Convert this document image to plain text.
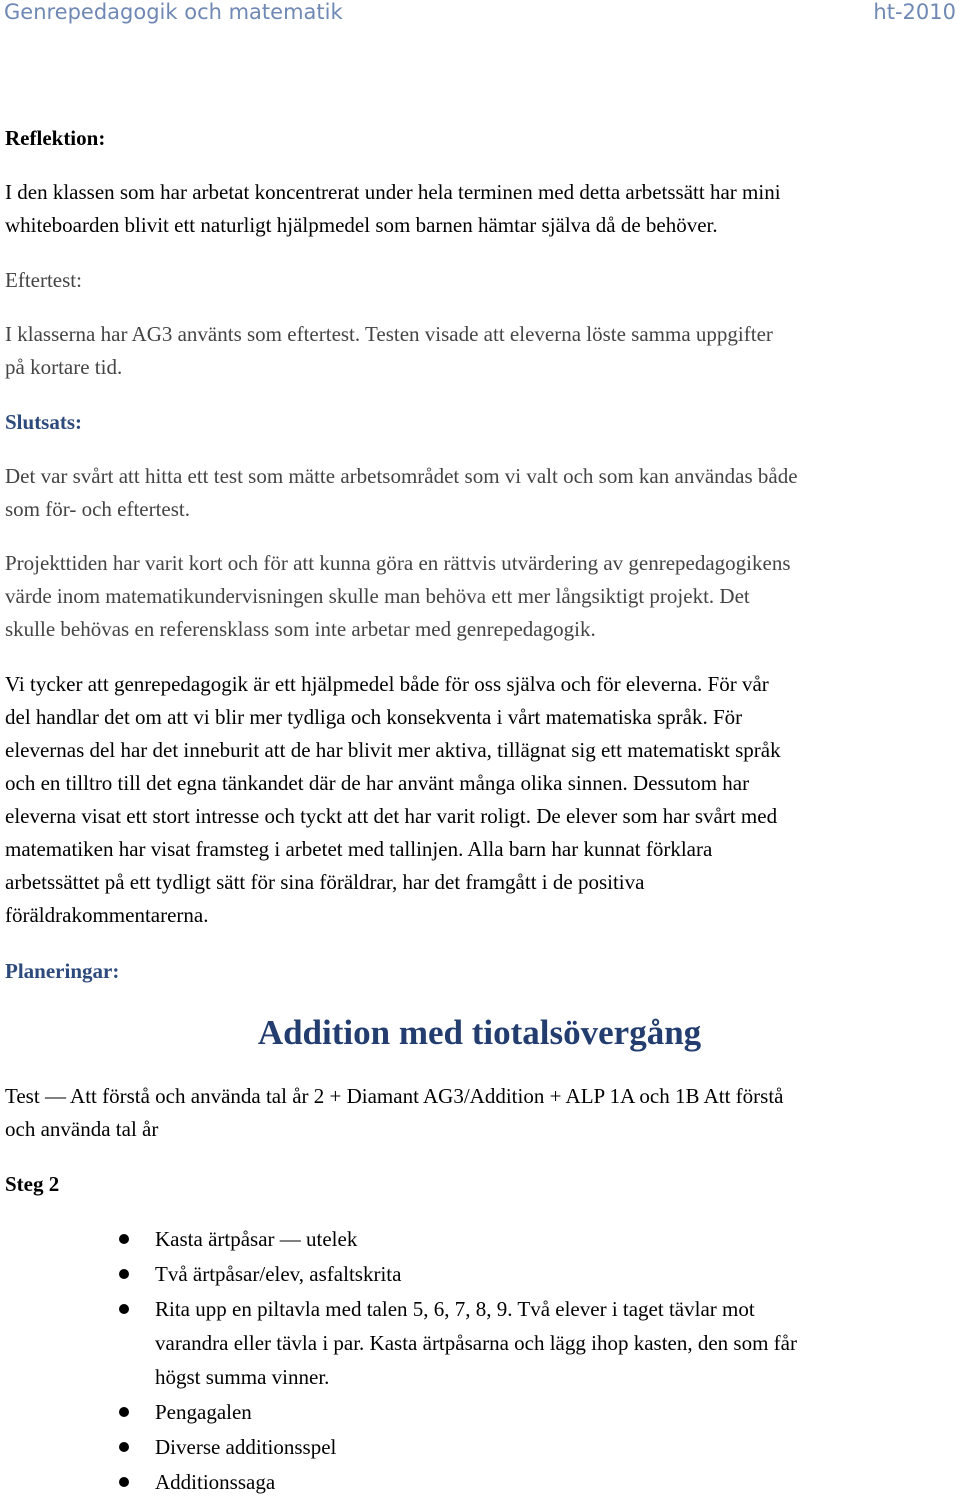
Genrepedagogik och matematik	ht-2010
Reflektion:
I den klassen som har arbetat koncentrerat under hela terminen med detta arbetssätt har mini
whiteboarden blivit ett naturligt hjälpmedel som barnen hämtar själva då de behöver.
Eftertest:
I klasserna har AG3 använts som eftertest. Testen visade att eleverna löste samma uppgifter
på kortare tid.
Slutsats:
Det var svårt att hitta ett test som mätte arbetsområdet som vi valt och som kan användas både
som för- och eftertest.
Projekttiden har varit kort och för att kunna göra en rättvis utvärdering av genrepedagogikens
värde inom matematikundervisningen skulle man behöva ett mer långsiktigt projekt. Det
skulle behövas en referensklass som inte arbetar med genrepedagogik.
Vi tycker att genrepedagogik är ett hjälpmedel både för oss själva och för eleverna. För vår
del handlar det om att vi blir mer tydliga och konsekventa i vårt matematiska språk. För
elevernas del har det inneburit att de har blivit mer aktiva, tillägnat sig ett matematiskt språk
och en tilltro till det egna tänkandet där de har använt många olika sinnen. Dessutom har
eleverna visat ett stort intresse och tyckt att det har varit roligt. De elever som har svårt med
matematiken har visat framsteg i arbetet med tallinjen. Alla barn har kunnat förklara
arbetssättet på ett tydligt sätt för sina föräldrar, har det framgått i de positiva
föräldrakommentarerna.
Planeringar:
Addition med tiotalsövergång
Test — Att förstå och använda tal år 2 + Diamant AG3/Addition + ALP 1A och 1B Att förstå
och använda tal år
Steg 2
Kasta ärtpåsar — utelek
Två ärtpåsar/elev, asfaltskrita
Rita upp en piltavla med talen 5, 6, 7, 8, 9. Två elever i taget tävlar mot
varandra eller tävla i par. Kasta ärtpåsarna och lägg ihop kasten, den som får
högst summa vinner.
Pengagalen
Diverse additionsspel
Additionssaga
